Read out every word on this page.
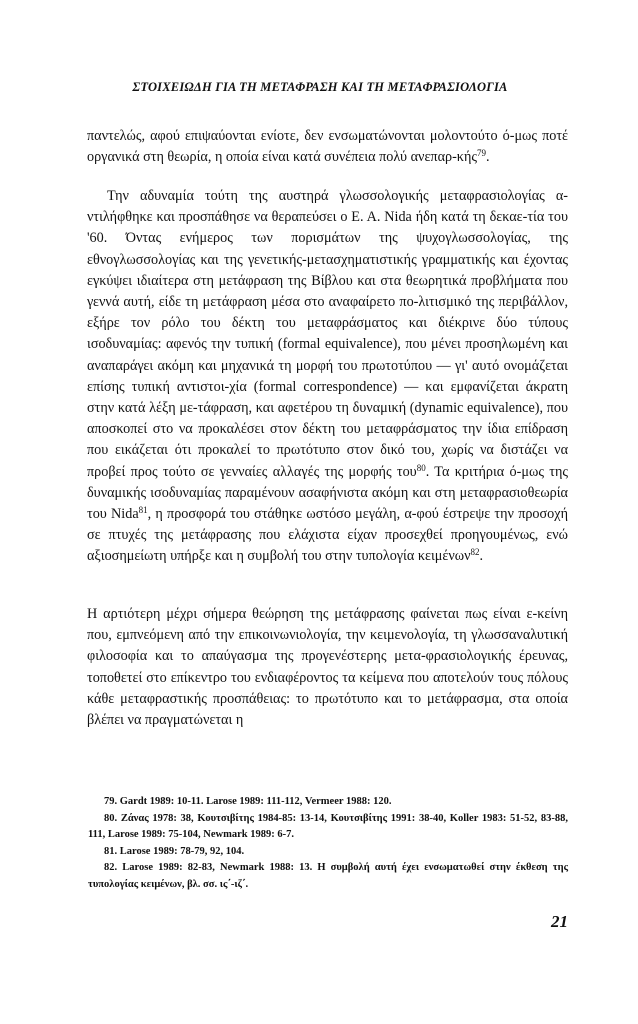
ΣΤΟΙΧΕΙΩΔΗ ΓΙΑ ΤΗ ΜΕΤΑΦΡΑΣΗ ΚΑΙ ΤΗ ΜΕΤΑΦΡΑΣΙΟΛΟΓΙΑ
παντελώς, αφού επιψαύονται ενίοτε, δεν ενσωματώνονται μολοντούτο ό-μως ποτέ οργανικά στη θεωρία, η οποία είναι κατά συνέπεια πολύ ανεπαρ-κής$^{79}$.
Την αδυναμία τούτη της αυστηρά γλωσσολογικής μεταφρασιολογίας α-ντιλήφθηκε και προσπάθησε να θεραπεύσει ο Ε. Α. Nida ήδη κατά τη δεκαε-τία του '60. Όντας ενήμερος των πορισμάτων της ψυχογλωσσολογίας, της εθνογλωσσολογίας και της γενετικής-μετασχηματιστικής γραμματικής και έχοντας εγκύψει ιδιαίτερα στη μετάφραση της Βίβλου και στα θεωρητικά προβλήματα που γεννά αυτή, είδε τη μετάφραση μέσα στο αναφαίρετο πο-λιτισμικό της περιβάλλον, εξήρε τον ρόλο του δέκτη του μεταφράσματος και διέκρινε δύο τύπους ισοδυναμίας: αφενός την τυπική (formal equivalence), που μένει προσηλωμένη και αναπαράγει ακόμη και μηχανικά τη μορφή του πρωτοτύπου — γι' αυτό ονομάζεται επίσης τυπική αντιστοι-χία (formal correspondence) — και εμφανίζεται άκρατη στην κατά λέξη με-τάφραση, και αφετέρου τη δυναμική (dynamic equivalence), που αποσκοπεί στο να προκαλέσει στον δέκτη του μεταφράσματος την ίδια επίδραση που εικάζεται ότι προκαλεί το πρωτότυπο στον δικό του, χωρίς να διστάζει να προβεί προς τούτο σε γενναίες αλλαγές της μορφής του$^{80}$. Τα κριτήρια ό-μως της δυναμικής ισοδυναμίας παραμένουν ασαφήνιστα ακόμη και στη μεταφρασιοθεωρία του Nida$^{81}$, η προσφορά του στάθηκε ωστόσο μεγάλη, α-φού έστρεψε την προσοχή σε πτυχές της μετάφρασης που ελάχιστα είχαν προσεχθεί προηγουμένως, ενώ αξιοσημείωτη υπήρξε και η συμβολή του στην τυπολογία κειμένων$^{82}$.
Η αρτιότερη μέχρι σήμερα θεώρηση της μετάφρασης φαίνεται πως είναι ε-κείνη που, εμπνεόμενη από την επικοινωνιολογία, την κειμενολογία, τη γλωσσαναλυτική φιλοσοφία και το απαύγασμα της προγενέστερης μετα-φρασιολογικής έρευνας, τοποθετεί στο επίκεντρο του ενδιαφέροντος τα κείμενα που αποτελούν τους πόλους κάθε μεταφραστικής προσπάθειας: το πρωτότυπο και το μετάφρασμα, στα οποία βλέπει να πραγματώνεται η
79. Gardt 1989: 10-11. Larose 1989: 111-112, Vermeer 1988: 120.
80. Ζάνας 1978: 38, Κουτσιβίτης 1984-85: 13-14, Κουτσιβίτης 1991: 38-40, Koller 1983: 51-52, 83-88, 111, Larose 1989: 75-104, Newmark 1989: 6-7.
81. Larose 1989: 78-79, 92, 104.
82. Larose 1989: 82-83, Newmark 1988: 13. Η συμβολή αυτή έχει ενσωματωθεί στην έκθεση της τυπολογίας κειμένων, βλ. σσ. ις΄-ιζ΄.
21
